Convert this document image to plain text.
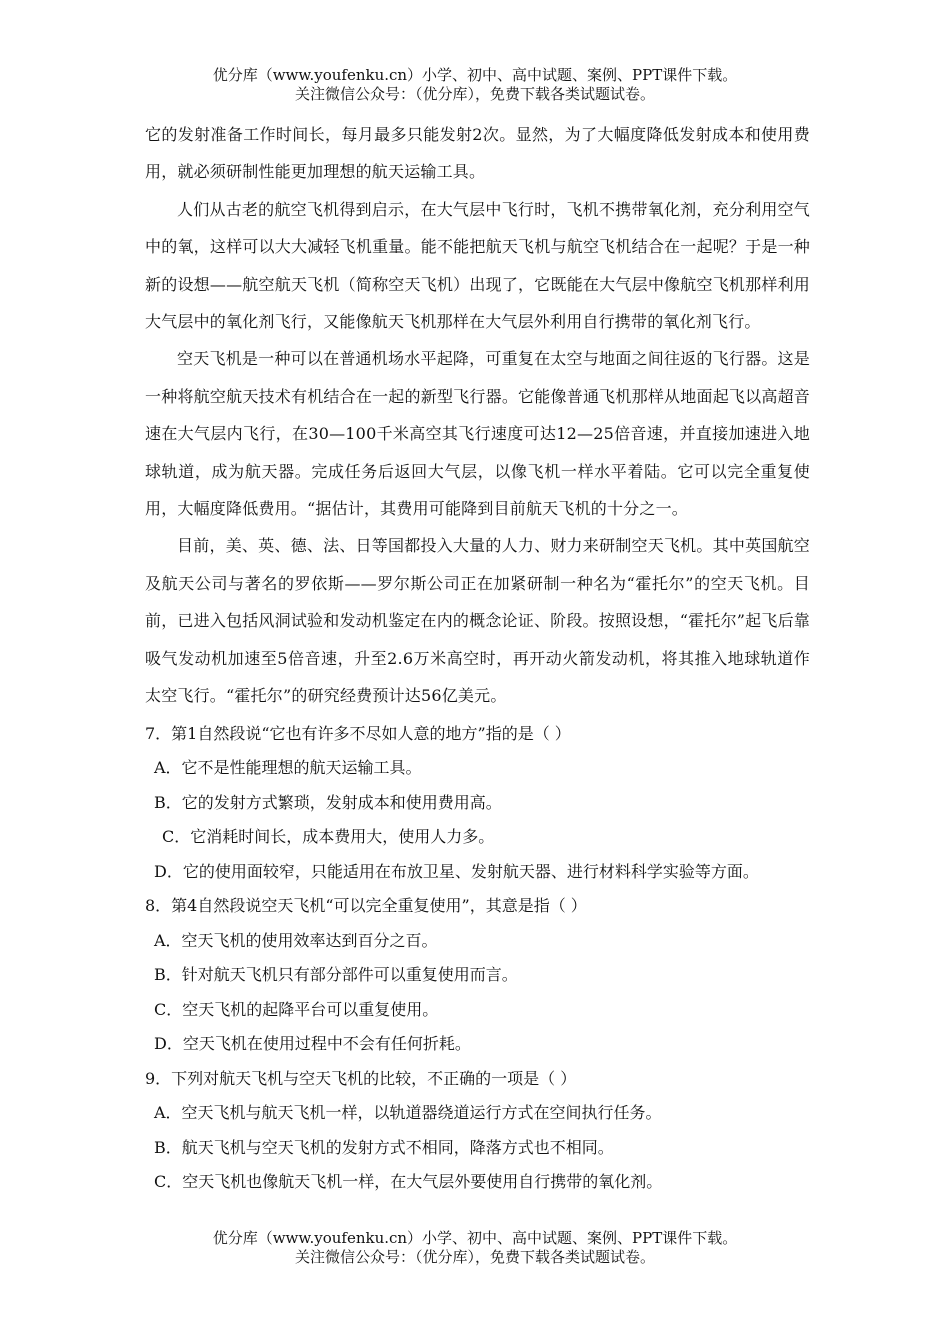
优分库（www.youfenku.cn）小学、初中、高中试题、案例、PPT课件下载。
关注微信公众号：（优分库），免费下载各类试题试卷。

它的发射准备工作时间长，每月最多只能发射2次。显然，为了大幅度降低发射成本和使用费用，就必须研制性能更加理想的航天运输工具。

人们从古老的航空飞机得到启示，在大气层中飞行时，飞机不携带氧化剂，充分利用空气中的氧，这样可以大大减轻飞机重量。能不能把航天飞机与航空飞机结合在一起呢？于是一种新的设想——航空航天飞机（简称空天飞机）出现了，它既能在大气层中像航空飞机那样利用大气层中的氧化剂飞行，又能像航天飞机那样在大气层外利用自行携带的氧化剂飞行。

空天飞机是一种可以在普通机场水平起降，可重复在太空与地面之间往返的飞行器。这是一种将航空航天技术有机结合在一起的新型飞行器。它能像普通飞机那样从地面起飞以高超音速在大气层内飞行，在30—100千米高空其飞行速度可达12—25倍音速，并直接加速进入地球轨道，成为航天器。完成任务后返回大气层，以像飞机一样水平着陆。它可以完全重复使用，大幅度降低费用。“据估计，其费用可能降到目前航天飞机的十分之一。

目前，美、英、德、法、日等国都投入大量的人力、财力来研制空天飞机。其中英国航空及航天公司与著名的罗依斯——罗尔斯公司正在加紧研制一种名为“霍托尔”的空天飞机。目前，已进入包括风洞试验和发动机鉴定在内的概念论证、阶段。按照设想，“霍托尔”起飞后靠吸气发动机加速至5倍音速，升至2.6万米高空时，再开动火箭发动机，将其推入地球轨道作太空飞行。“霍托尔”的研究经费预计达56亿美元。

7．第1自然段说“它也有许多不尽如人意的地方”指的是（ ）

A．它不是性能理想的航天运输工具。

B．它的发射方式繁琐，发射成本和使用费用高。

C．它消耗时间长，成本费用大，使用人力多。

D．它的使用面较窄，只能适用在布放卫星、发射航天器、进行材料科学实验等方面。

8．第4自然段说空天飞机“可以完全重复使用”，其意是指（ ）

A．空天飞机的使用效率达到百分之百。

B．针对航天飞机只有部分部件可以重复使用而言。

C．空天飞机的起降平台可以重复使用。

D．空天飞机在使用过程中不会有任何折耗。

9．下列对航天飞机与空天飞机的比较，不正确的一项是（ ）

A．空天飞机与航天飞机一样，以轨道器绕道运行方式在空间执行任务。

B．航天飞机与空天飞机的发射方式不相同，降落方式也不相同。

C．空天飞机也像航天飞机一样，在大气层外要使用自行携带的氧化剂。

优分库（www.youfenku.cn）小学、初中、高中试题、案例、PPT课件下载。
关注微信公众号：（优分库），免费下载各类试题试卷。
